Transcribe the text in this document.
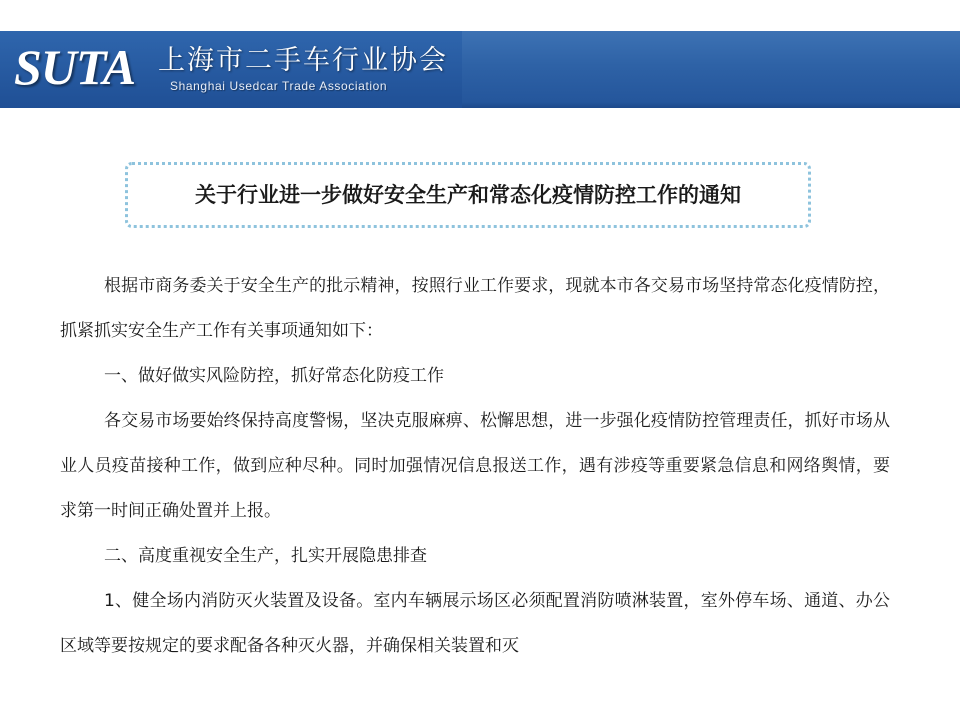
SUTA 上海市二手车行业协会
Shanghai Usedcar Trade Association
关于行业进一步做好安全生产和常态化疫情防控工作的通知

根据市商务委关于安全生产的批示精神，按照行业工作要求，现就本市各交易市场坚持常态化疫情防控，抓紧抓实安全生产工作有关事项通知如下：

一、做好做实风险防控，抓好常态化防疫工作

各交易市场要始终保持高度警惕，坚决克服麻痹、松懈思想，进一步强化疫情防控管理责任，抓好市场从业人员疫苗接种工作，做到应种尽种。同时加强情况信息报送工作，遇有涉疫等重要紧急信息和网络舆情，要求第一时间正确处置并上报。

二、高度重视安全生产，扎实开展隐患排查

1、健全场内消防灭火装置及设备。室内车辆展示场区必须配置消防喷淋装置，室外停车场、通道、办公区域等要按规定的要求配备各种灭火器，并确保相关装置和灭
